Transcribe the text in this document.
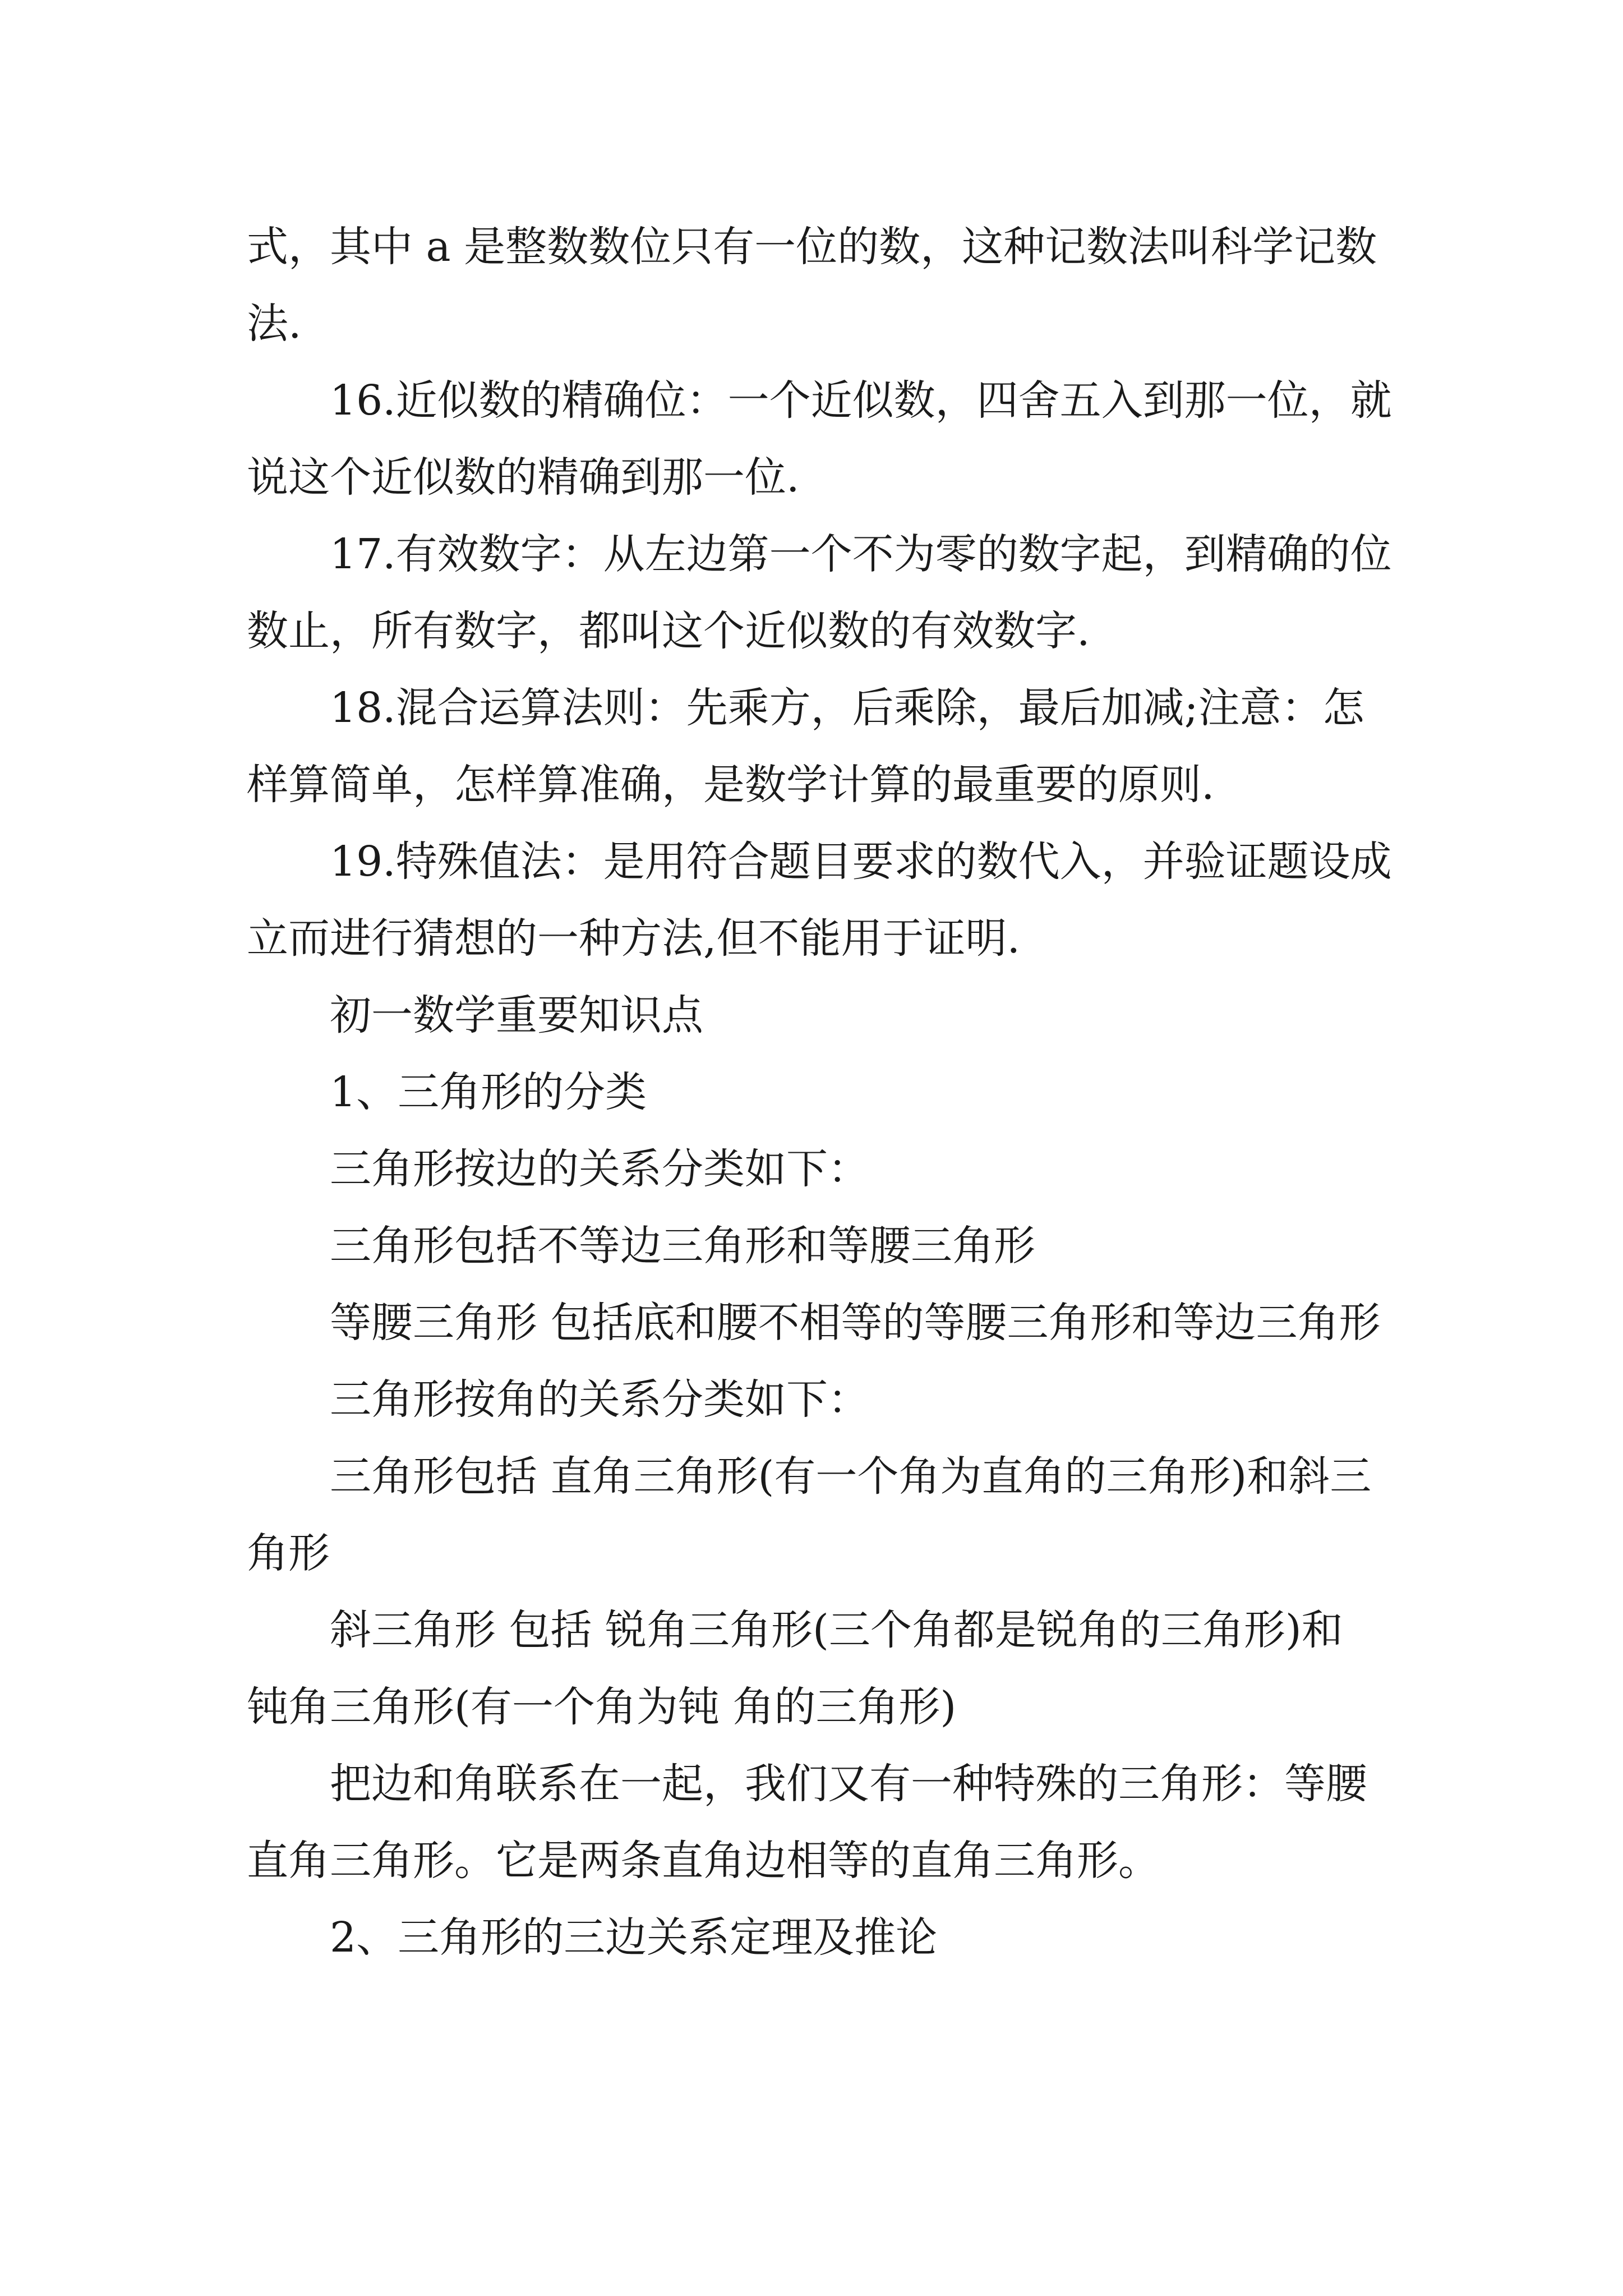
式，其中 a 是整数数位只有一位的数，这种记数法叫科学记数法.

16.近似数的精确位：一个近似数，四舍五入到那一位，就说这个近似数的精确到那一位.

17.有效数字：从左边第一个不为零的数字起，到精确的位数止，所有数字，都叫这个近似数的有效数字.

18.混合运算法则：先乘方，后乘除，最后加减;注意：怎样算简单，怎样算准确，是数学计算的最重要的原则.

19.特殊值法：是用符合题目要求的数代入，并验证题设成立而进行猜想的一种方法,但不能用于证明.

初一数学重要知识点

1、三角形的分类

三角形按边的关系分类如下：

三角形包括不等边三角形和等腰三角形

等腰三角形 包括底和腰不相等的等腰三角形和等边三角形

三角形按角的关系分类如下：

三角形包括 直角三角形(有一个角为直角的三角形)和斜三角形

斜三角形 包括 锐角三角形(三个角都是锐角的三角形)和 钝角三角形(有一个角为钝 角的三角形)

把边和角联系在一起，我们又有一种特殊的三角形：等腰直角三角形。它是两条直角边相等的直角三角形。

2、三角形的三边关系定理及推论
